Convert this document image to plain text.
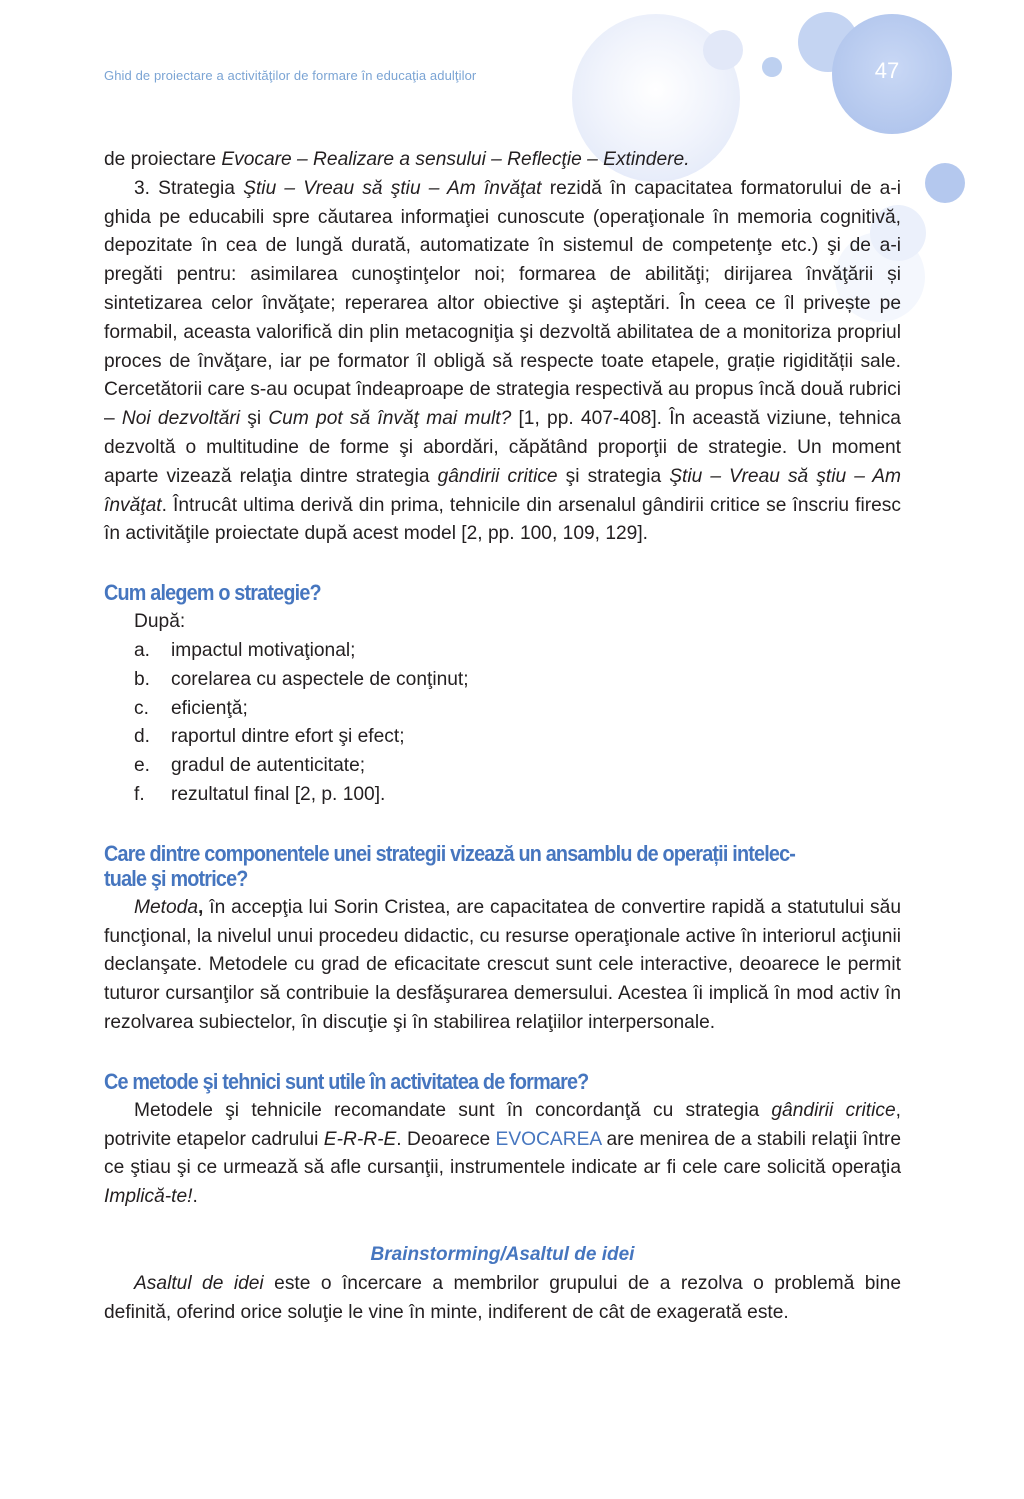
Ghid de proiectare a activităţilor de formare în educaţia adulţilor	47

de proiectare Evocare – Realizare a sensului – Reflecţie – Extindere.

3. Strategia Ştiu – Vreau să ştiu – Am învăţat rezidă în capacitatea formatorului de a-i ghida pe educabili spre căutarea informaţiei cunoscute (operaţionale în memoria cognitivă, depozitate în cea de lungă durată, automatizate în sistemul de competenţe etc.) şi de a-i pregăti pentru: asimilarea cunoştinţelor noi; formarea de abilităţi; dirijarea învăţării și sintetizarea celor învăţate; reperarea altor obiective şi aşteptări. În ceea ce îl privește pe formabil, aceasta valorifică din plin metacogniţia şi dezvoltă abilitatea de a monitoriza propriul proces de învăţare, iar pe formator îl obligă să respecte toate etapele, grație rigidității sale. Cercetătorii care s-au ocupat îndeaproape de strategia respectivă au propus încă două rubrici – Noi dezvoltări şi Cum pot să învăţ mai mult? [1, pp. 407-408]. În această viziune, tehnica dezvoltă o multitudine de forme şi abordări, căpătând proporţii de strategie. Un moment aparte vizează relaţia dintre strategia gândirii critice şi strategia Ştiu – Vreau să ştiu – Am învăţat. Întrucât ultima derivă din prima, tehnicile din arsenalul gândirii critice se înscriu firesc în activităţile proiectate după acest model [2, pp. 100, 109, 129].

Cum alegem o strategie?

După:

a.	impactul motivaţional;
b.	corelarea cu aspectele de conţinut;
c.	eficienţă;
d.	raportul dintre efort şi efect;
e.	gradul de autenticitate;
f.	rezultatul final [2, p. 100].
Care dintre componentele unei strategii vizează un ansamblu de operații intelec-
tuale şi motrice?

Metoda, în accepţia lui Sorin Cristea, are capacitatea de convertire rapidă a statutului său funcţional, la nivelul unui procedeu didactic, cu resurse operaţionale active în interiorul acţiunii declanşate. Metodele cu grad de eficacitate crescut sunt cele interactive, deoarece le permit tuturor cursanţilor să contribuie la desfăşurarea demersului. Acestea îi implică în mod activ în rezolvarea subiectelor, în discuţie şi în stabilirea relaţiilor interpersonale.

Ce metode şi tehnici sunt utile în activitatea de formare?

Metodele şi tehnicile recomandate sunt în concordanţă cu strategia gândirii critice, potrivite etapelor cadrului E-R-R-E. Deoarece EVOCAREA are menirea de a stabili relaţii între ce ştiau şi ce urmează să afle cursanţii, instrumentele indicate ar fi cele care solicită operaţia Implică-te!.

Brainstorming/Asaltul de idei

Asaltul de idei este o încercare a membrilor grupului de a rezolva o problemă bine definită, oferind orice soluţie le vine în minte, indiferent de cât de exagerată este.
